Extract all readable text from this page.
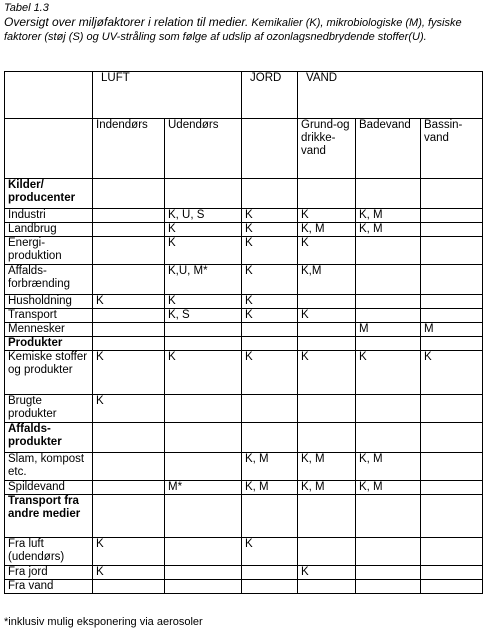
Tabel 1.3
Oversigt over miljøfaktorer i relation til medier. Kemikalier (K), mikrobiologiske (M), fysiske faktorer (støj (S) og UV-stråling som følge af udslip af ozonlagsnedbrydende stoffer(U).
	LUFT		JORD	VAND		
	Indendørs	Udendørs		Grund-og drikke-vand	Badevand	Bassin-vand
Kilder/ producenter						
Industri		K, U, S	K	K	K, M	
Landbrug		K	K	K, M	K, M	
Energi-produktion		K	K	K		
Affalds-forbrænding		K,U, M*	K	K,M		
Husholdning	K	K	K			
Transport		K, S	K	K		
Mennesker					M	M
Produkter						
Kemiske stoffer og produkter	K	K	K	K	K	K
Brugte produkter	K					
Affalds-produkter						
Slam, kompost etc.			K, M	K, M	K, M	
Spildevand		M*	K, M	K, M	K, M	
Transport fra andre medier						
Fra luft (udendørs)	K		K			
Fra jord	K			K		
Fra vand						
*inklusiv mulig eksponering via aerosoler
